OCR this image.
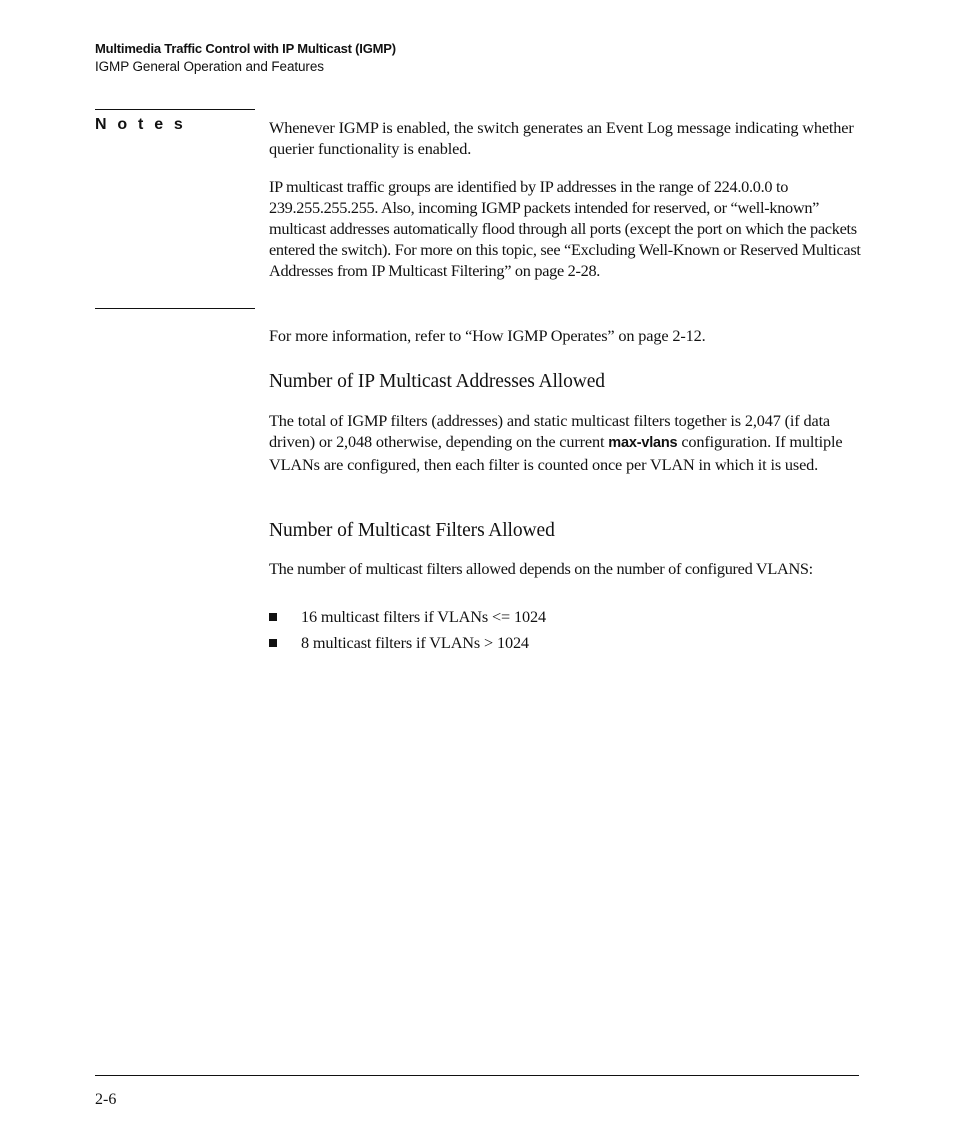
Multimedia Traffic Control with IP Multicast (IGMP)
IGMP General Operation and Features
N o t e s	Whenever IGMP is enabled, the switch generates an Event Log message indicating whether querier functionality is enabled.

IP multicast traffic groups are identified by IP addresses in the range of 224.0.0.0 to 239.255.255.255. Also, incoming IGMP packets intended for reserved, or “well-known” multicast addresses automatically flood through all ports (except the port on which the packets entered the switch). For more on this topic, see “Excluding Well-Known or Reserved Multicast Addresses from IP Multicast Filtering” on page 2-28.

For more information, refer to “How IGMP Operates” on page 2-12.

Number of IP Multicast Addresses Allowed

The total of IGMP filters (addresses) and static multicast filters together is 2,047 (if data driven) or 2,048 otherwise, depending on the current max-vlans configuration. If multiple VLANs are configured, then each filter is counted once per VLAN in which it is used.

Number of Multicast Filters Allowed

The number of multicast filters allowed depends on the number of configured VLANS:

16 multicast filters if VLANs <= 1024
8 multicast filters if VLANs > 1024
2-6
